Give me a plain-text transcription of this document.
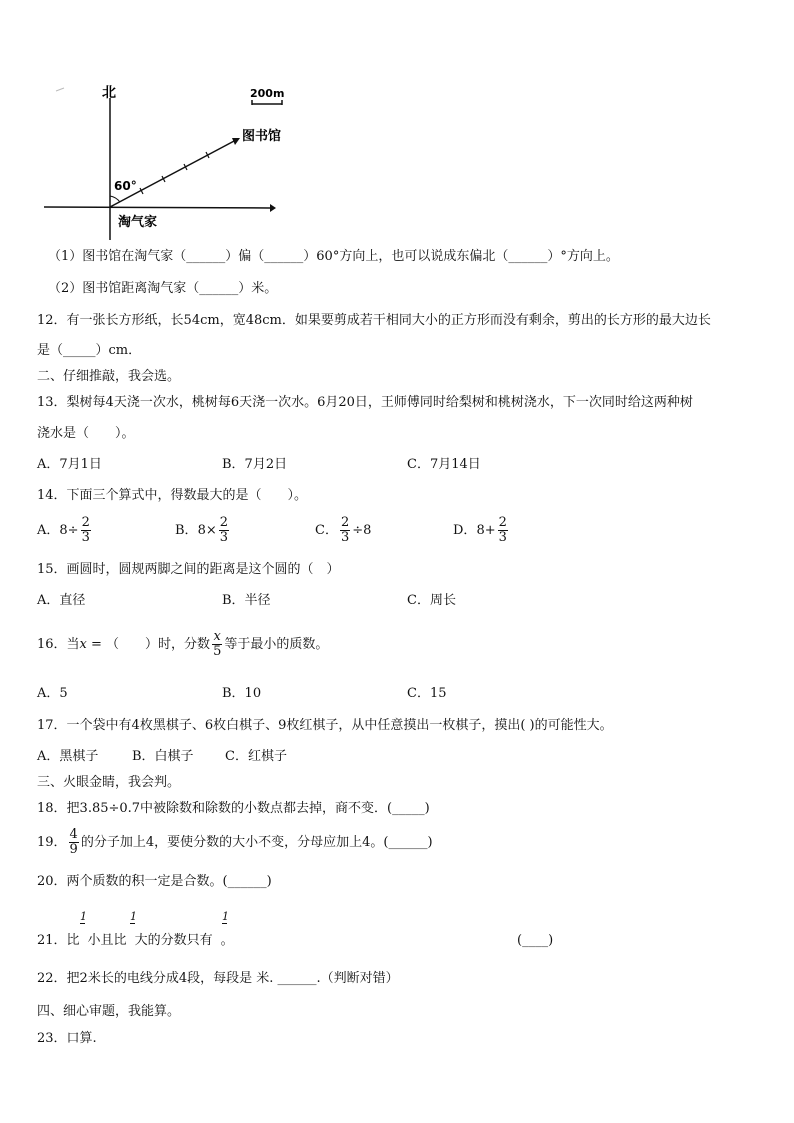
北	200m
图书馆
60°
淘气家
（1）图书馆在淘气家（______）偏（______）60°方向上，也可以说成东偏北（______）°方向上。
（2）图书馆距离淘气家（______）米。
12．有一张长方形纸，长54cm，宽48cm．如果要剪成若干相同大小的正方形而没有剩余，剪出的长方形的最大边长
是（_____）cm．
二、仔细推敲，我会选。
13．梨树每4天浇一次水，桃树每6天浇一次水。6月20日，王师傅同时给梨树和桃树浇水，下一次同时给这两种树
浇水是（　　）。
A．7月1日	B．7月2日	C．7月14日
14．下面三个算式中，得数最大的是（　　）。
A．$8\div \frac{2}{3}$	B．$8\times \frac{2}{3}$	C． $\frac{2}{3} \div 8$	D．$8+ \frac{2}{3}$
15．画圆时，圆规两脚之间的距离是这个圆的（　）
A．直径	B．半径	C．周长
16．当x = （　　）时，分数 $\frac{x}{5}$ 等于最小的质数。
A．5	B．10	C．15
17．一个袋中有4枚黑棋子、6枚白棋子、9枚红棋子，从中任意摸出一枚棋子，摸出( )的可能性大。
A．黑棋子	B．白棋子 C．红棋子
三、火眼金睛，我会判。
18．把3.85÷0.7中被除数和除数的小数点都去掉，商不变．(_____)
19． $\frac{4}{9}$ 的分子加上4，要使分数的大小不变，分母应加上4。(______)
20．两个质数的积一定是合数。(______)
1	1	1
21．比 小且比 大的分数只有 。	(____)
22．把2米长的电线分成4段，每段是 米. ______.（判断对错）
四、细心审题，我能算。
23．口算.
